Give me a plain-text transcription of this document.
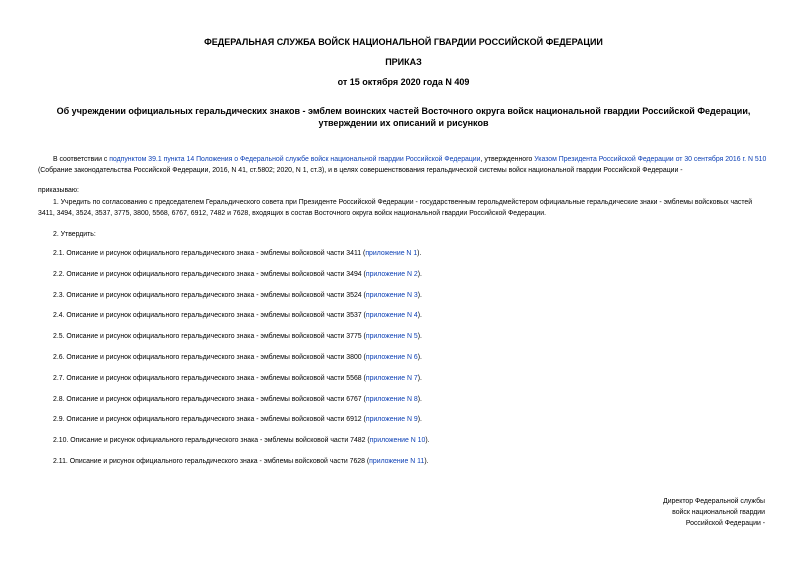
ФЕДЕРАЛЬНАЯ СЛУЖБА ВОЙСК НАЦИОНАЛЬНОЙ ГВАРДИИ РОССИЙСКОЙ ФЕДЕРАЦИИ
ПРИКАЗ
от 15 октября 2020 года N 409
Об учреждении официальных геральдических знаков - эмблем воинских частей Восточного округа войск национальной гвардии Российской Федерации,
утверждении их описаний и рисунков

В соответствии с подпунктом 39.1 пункта 14 Положения о Федеральной службе войск национальной гвардии Российской Федерации, утвержденного Указом Президента Российской Федерации от 30 сентября 2016 г. N 510 (Собрание законодательства Российской Федерации, 2016, N 41, ст.5802; 2020, N 1, ст.3), и в целях совершенствования геральдической системы войск национальной гвардии Российской Федерации -

приказываю:

1. Учредить по согласованию с председателем Геральдического совета при Президенте Российской Федерации - государственным герольдмейстером официальные геральдические знаки - эмблемы войсковых частей 3411, 3494, 3524, 3537, 3775, 3800, 5568, 6767, 6912, 7482 и 7628, входящих в состав Восточного округа войск национальной гвардии Российской Федерации.

2. Утвердить:

2.1. Описание и рисунок официального геральдического знака - эмблемы войсковой части 3411 (приложение N 1).

2.2. Описание и рисунок официального геральдического знака - эмблемы войсковой части 3494 (приложение N 2).

2.3. Описание и рисунок официального геральдического знака - эмблемы войсковой части 3524 (приложение N 3).

2.4. Описание и рисунок официального геральдического знака - эмблемы войсковой части 3537 (приложение N 4).

2.5. Описание и рисунок официального геральдического знака - эмблемы войсковой части 3775 (приложение N 5).

2.6. Описание и рисунок официального геральдического знака - эмблемы войсковой части 3800 (приложение N 6).

2.7. Описание и рисунок официального геральдического знака - эмблемы войсковой части 5568 (приложение N 7).

2.8. Описание и рисунок официального геральдического знака - эмблемы войсковой части 6767 (приложение N 8).

2.9. Описание и рисунок официального геральдического знака - эмблемы войсковой части 6912 (приложение N 9).

2.10. Описание и рисунок официального геральдического знака - эмблемы войсковой части 7482 (приложение N 10).

2.11. Описание и рисунок официального геральдического знака - эмблемы войсковой части 7628 (приложение N 11).

Директор Федеральной службы
войск национальной гвардии
Российской Федерации -
